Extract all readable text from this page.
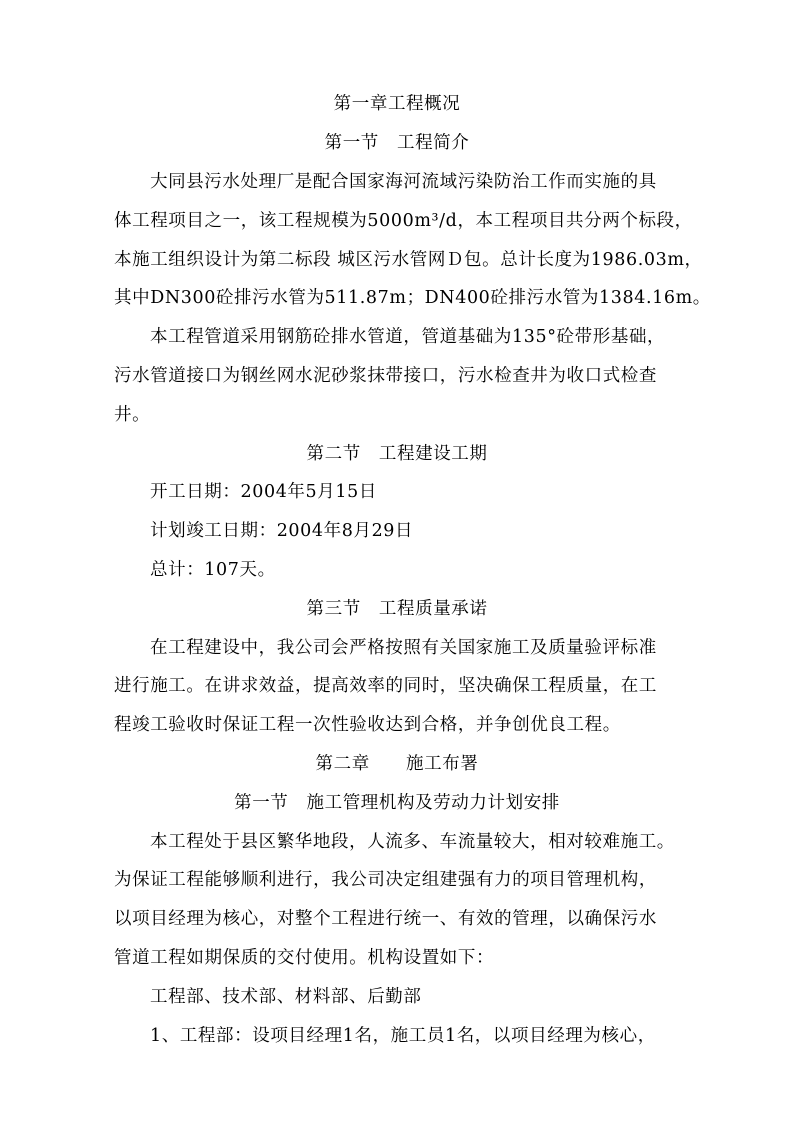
第一章工程概况
第一节　工程简介
大同县污水处理厂是配合国家海河流域污染防治工作而实施的具
体工程项目之一，该工程规模为5000m³/d，本工程项目共分两个标段，
本施工组织设计为第二标段 城区污水管网Ｄ包。总计长度为1986.03m，
其中DN300砼排污水管为511.87m；DN400砼排污水管为1384.16m。
本工程管道采用钢筋砼排水管道，管道基础为135°砼带形基础，
污水管道接口为钢丝网水泥砂浆抹带接口，污水检查井为收口式检查
井。
第二节　工程建设工期
开工日期：2004年5月15日
计划竣工日期：2004年8月29日
总计：107天。
第三节　工程质量承诺
在工程建设中，我公司会严格按照有关国家施工及质量验评标准
进行施工。在讲求效益，提高效率的同时，坚决确保工程质量，在工
程竣工验收时保证工程一次性验收达到合格，并争创优良工程。
第二章　　施工布署
第一节　施工管理机构及劳动力计划安排
本工程处于县区繁华地段，人流多、车流量较大，相对较难施工。
为保证工程能够顺利进行，我公司决定组建强有力的项目管理机构，
以项目经理为核心，对整个工程进行统一、有效的管理，以确保污水
管道工程如期保质的交付使用。机构设置如下：
工程部、技术部、材料部、后勤部
1、工程部：设项目经理1名，施工员1名，以项目经理为核心，
